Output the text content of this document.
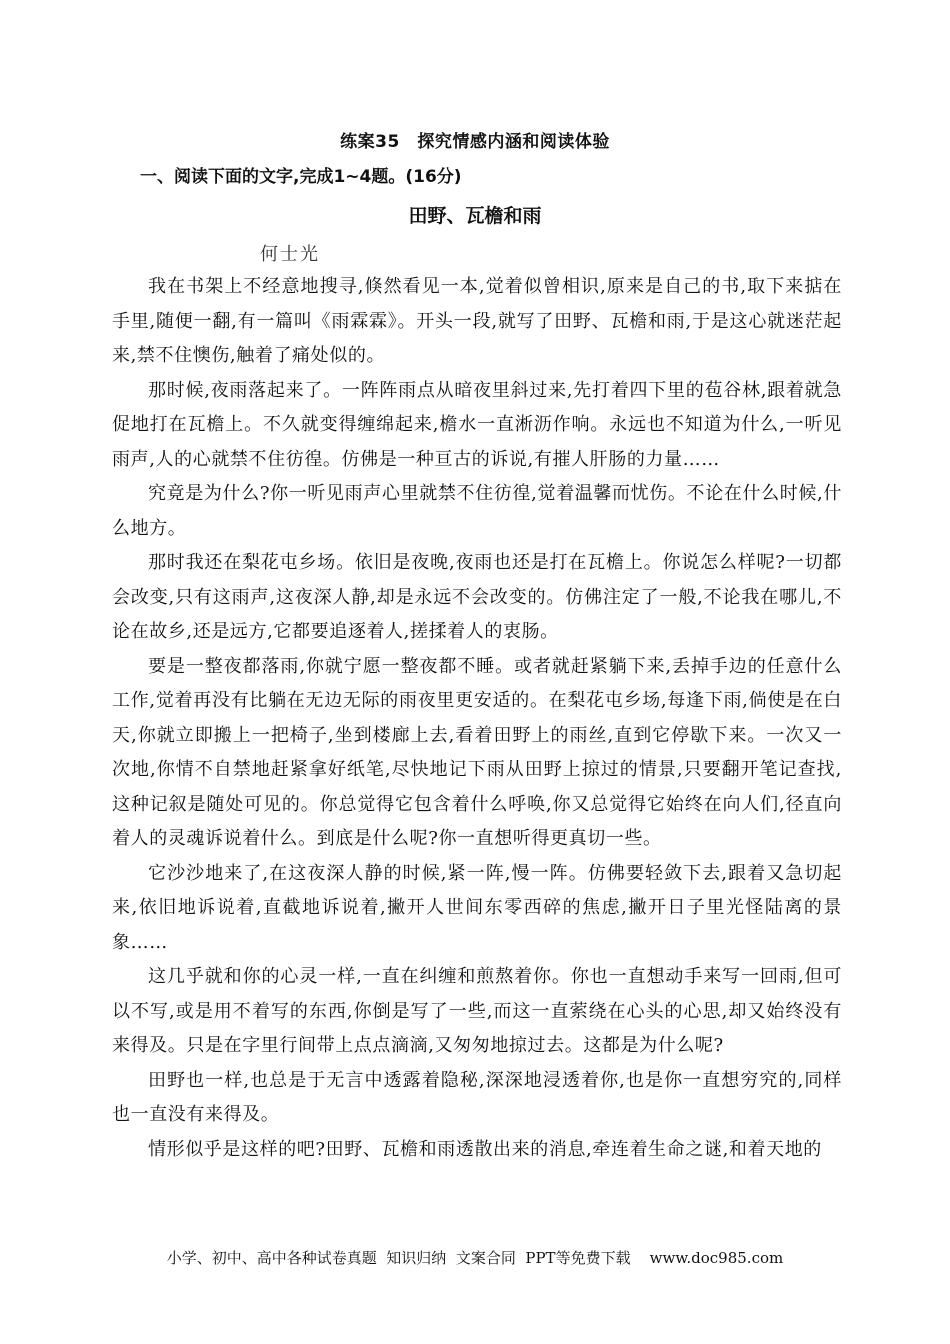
练案35　探究情感内涵和阅读体验
一、阅读下面的文字,完成1~4题。(16分)
田野、瓦檐和雨
何士光

我在书架上不经意地搜寻,倏然看见一本,觉着似曾相识,原来是自己的书,取下来掂在手里,随便一翻,有一篇叫《雨霖霖》。开头一段,就写了田野、瓦檐和雨,于是这心就迷茫起来,禁不住懊伤,触着了痛处似的。

那时候,夜雨落起来了。一阵阵雨点从暗夜里斜过来,先打着四下里的苞谷林,跟着就急促地打在瓦檐上。不久就变得缠绵起来,檐水一直淅沥作响。永远也不知道为什么,一听见雨声,人的心就禁不住彷徨。仿佛是一种亘古的诉说,有摧人肝肠的力量……

究竟是为什么?你一听见雨声心里就禁不住彷徨,觉着温馨而忧伤。不论在什么时候,什么地方。

那时我还在梨花屯乡场。依旧是夜晚,夜雨也还是打在瓦檐上。你说怎么样呢?一切都会改变,只有这雨声,这夜深人静,却是永远不会改变的。仿佛注定了一般,不论我在哪儿,不论在故乡,还是远方,它都要追逐着人,搓揉着人的衷肠。

要是一整夜都落雨,你就宁愿一整夜都不睡。或者就赶紧躺下来,丢掉手边的任意什么工作,觉着再没有比躺在无边无际的雨夜里更安适的。在梨花屯乡场,每逢下雨,倘使是在白天,你就立即搬上一把椅子,坐到楼廊上去,看着田野上的雨丝,直到它停歇下来。一次又一次地,你情不自禁地赶紧拿好纸笔,尽快地记下雨从田野上掠过的情景,只要翻开笔记查找,这种记叙是随处可见的。你总觉得它包含着什么呼唤,你又总觉得它始终在向人们,径直向着人的灵魂诉说着什么。到底是什么呢?你一直想听得更真切一些。

它沙沙地来了,在这夜深人静的时候,紧一阵,慢一阵。仿佛要轻敛下去,跟着又急切起来,依旧地诉说着,直截地诉说着,撇开人世间东零西碎的焦虑,撇开日子里光怪陆离的景象……

这几乎就和你的心灵一样,一直在纠缠和煎熬着你。你也一直想动手来写一回雨,但可以不写,或是用不着写的东西,你倒是写了一些,而这一直萦绕在心头的心思,却又始终没有来得及。只是在字里行间带上点点滴滴,又匆匆地掠过去。这都是为什么呢?

田野也一样,也总是于无言中透露着隐秘,深深地浸透着你,也是你一直想穷究的,同样也一直没有来得及。

情形似乎是这样的吧?田野、瓦檐和雨透散出来的消息,牵连着生命之谜,和着天地的

小学、初中、高中各种试卷真题  知识归纳  文案合同  PPT等免费下载    www.doc985.com
